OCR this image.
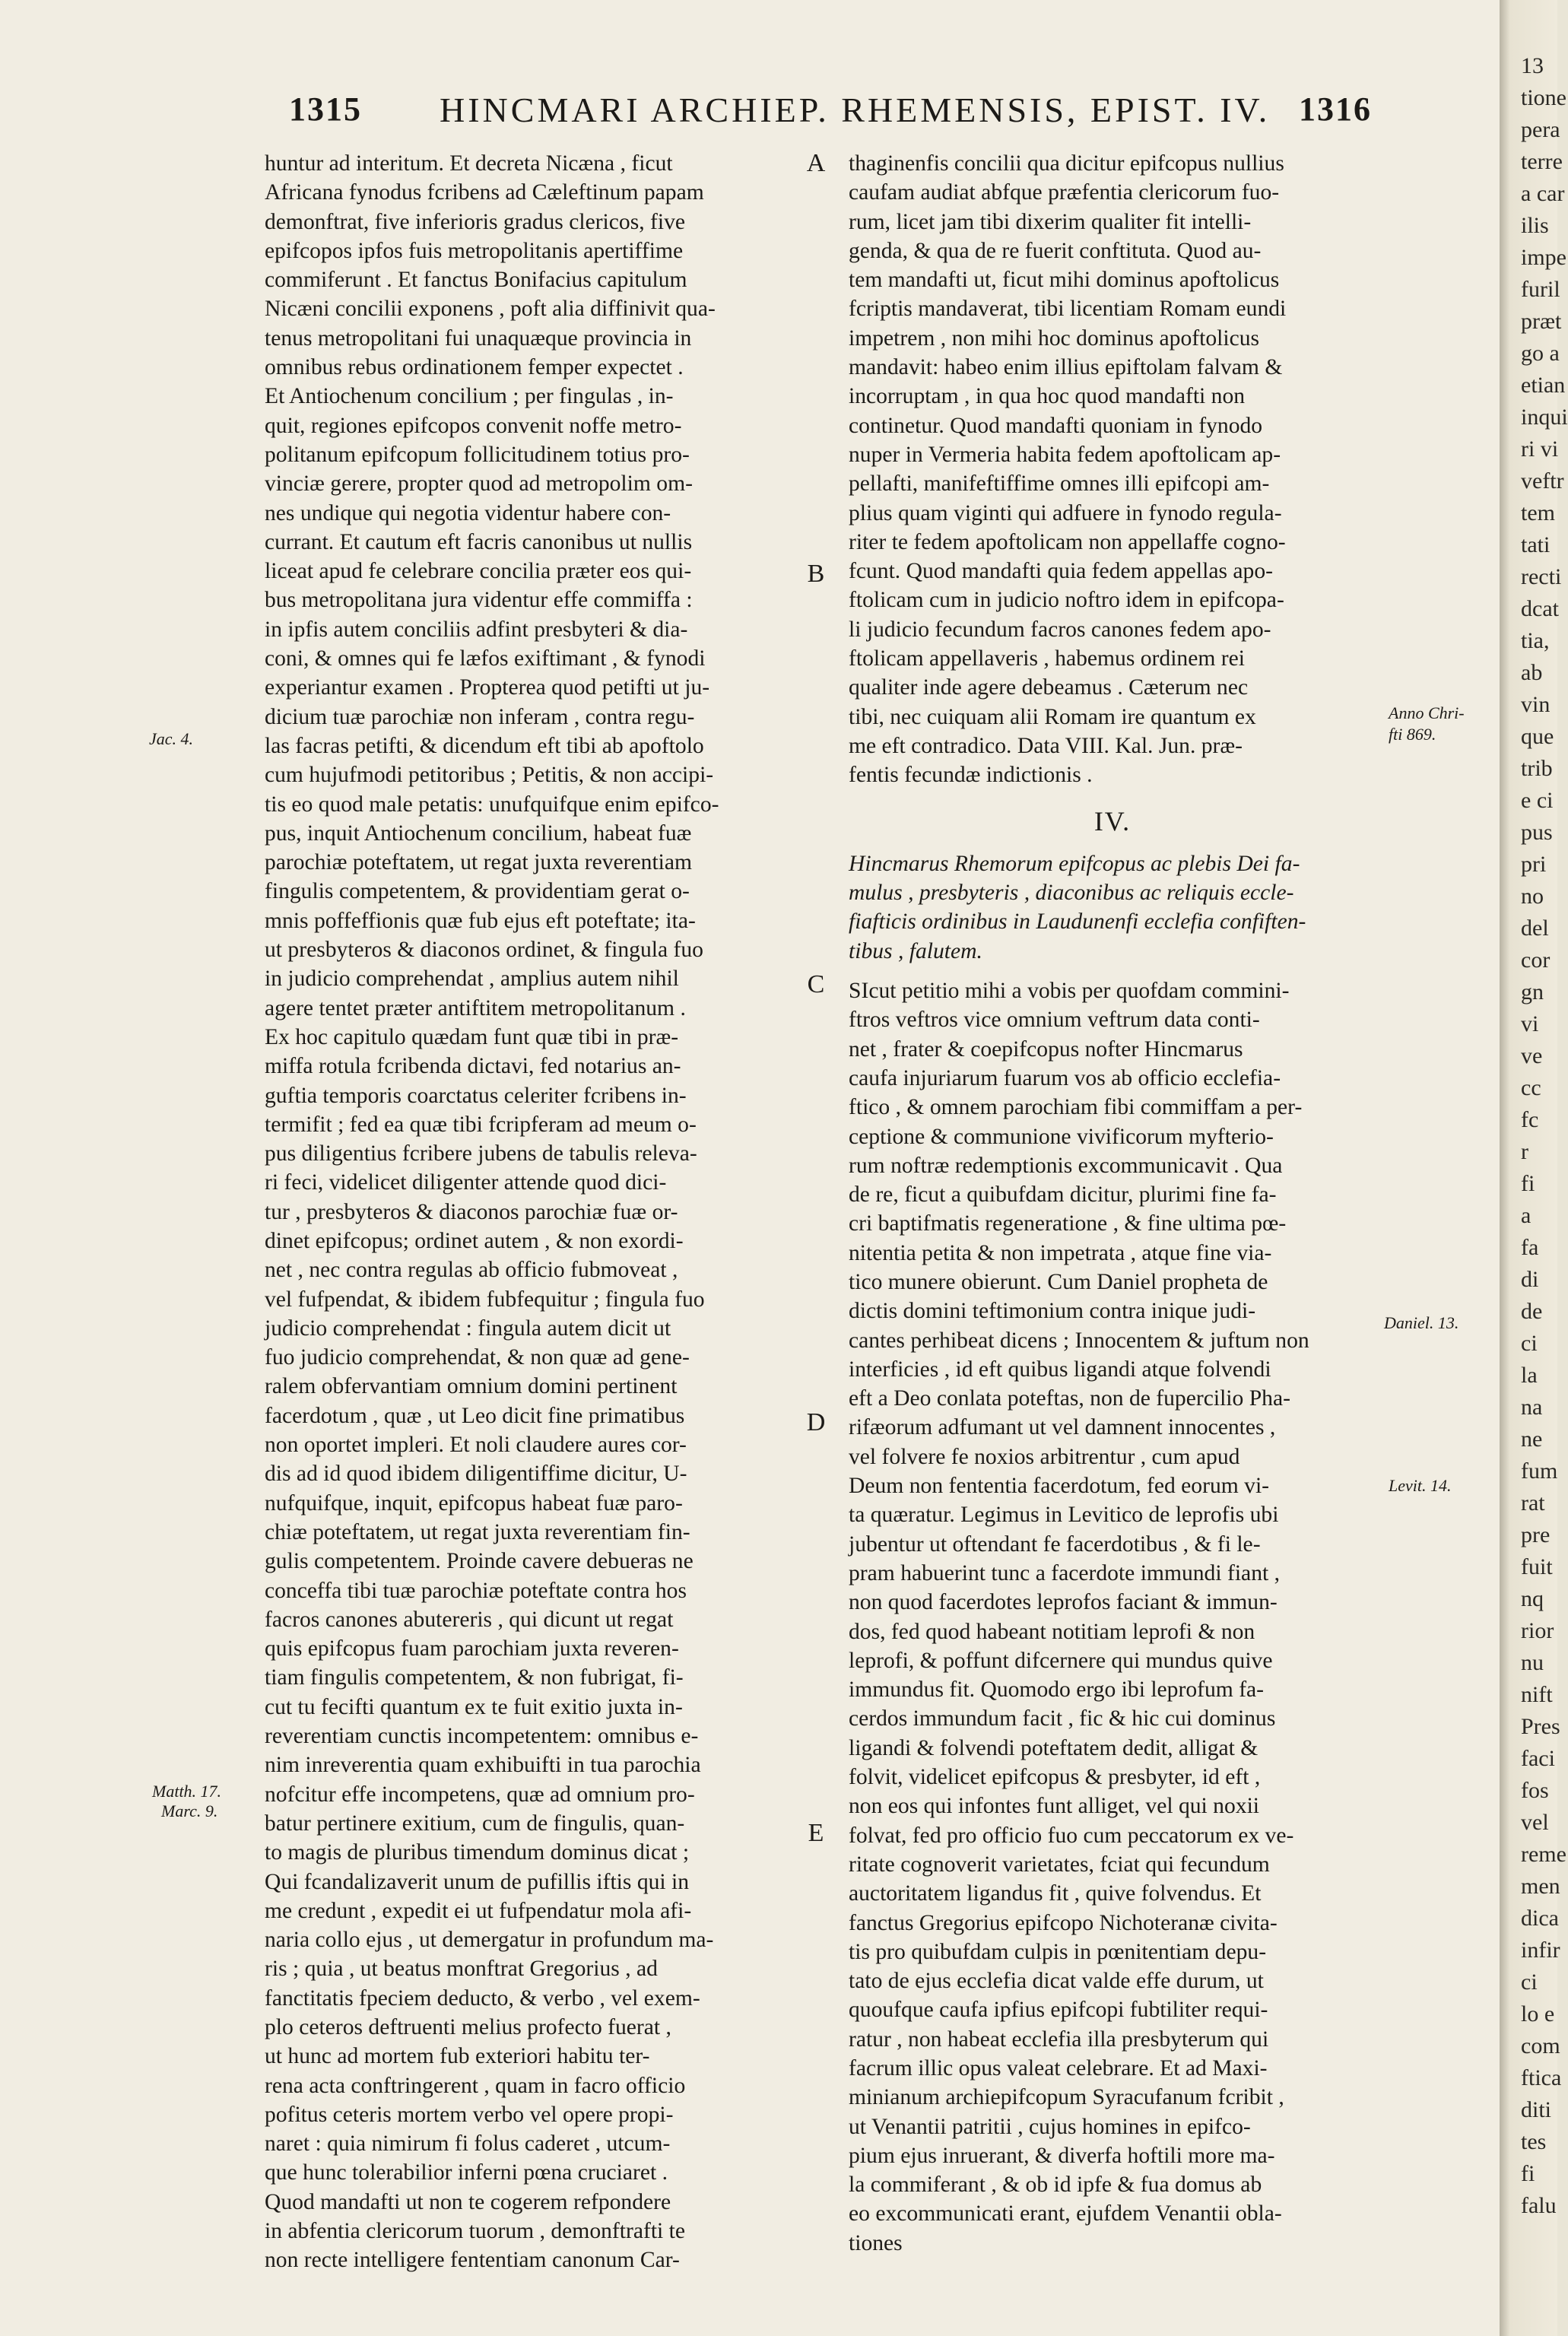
1315 HINCMARI ARCHIEP. RHEMENSIS, EPIST. IV. 1316
huntur ad interitum. Et decreta Nicæna , ficut
Africana fynodus fcribens ad Cæleftinum papam
demonftrat, five inferioris gradus clericos, five
epifcopos ipfos fuis metropolitanis apertiffime
commiferunt . Et fanctus Bonifacius capitulum
Nicæni concilii exponens , poft alia diffinivit qua-
tenus metropolitani fui unaquæque provincia in
omnibus rebus ordinationem femper expectet .
Et Antiochenum concilium ; per fingulas , in-
quit, regiones epifcopos convenit noffe metro-
politanum epifcopum follicitudinem totius pro-
vinciæ gerere, propter quod ad metropolim om-
nes undique qui negotia videntur habere con-
currant. Et cautum eft facris canonibus ut nullis
liceat apud fe celebrare concilia præter eos qui-
bus metropolitana jura videntur effe commiffa :
in ipfis autem conciliis adfint presbyteri & dia-
coni, & omnes qui fe læfos exiftimant , & fynodi
experiantur examen . Propterea quod petifti ut ju-
dicium tuæ parochiæ non inferam , contra regu-
las facras petifti, & dicendum eft tibi ab apoftolo
cum hujufmodi petitoribus ; Petitis, & non accipi-
tis eo quod male petatis: unufquifque enim epifco-
pus, inquit Antiochenum concilium, habeat fuæ
parochiæ poteftatem, ut regat juxta reverentiam
fingulis competentem, & providentiam gerat o-
mnis poffeffionis quæ fub ejus eft poteftate; ita-
ut presbyteros & diaconos ordinet, & fingula fuo
in judicio comprehendat , amplius autem nihil
agere tentet præter antiftitem metropolitanum .
Ex hoc capitulo quædam funt quæ tibi in præ-
miffa rotula fcribenda dictavi, fed notarius an-
guftia temporis coarctatus celeriter fcribens in-
termifit ; fed ea quæ tibi fcripferam ad meum o-
pus diligentius fcribere jubens de tabulis releva-
ri feci, videlicet diligenter attende quod dici-
tur , presbyteros & diaconos parochiæ fuæ or-
dinet epifcopus; ordinet autem , & non exordi-
net , nec contra regulas ab officio fubmoveat ,
vel fufpendat, & ibidem fubfequitur ; fingula fuo
judicio comprehendat : fingula autem dicit ut
fuo judicio comprehendat, & non quæ ad gene-
ralem obfervantiam omnium domini pertinent
facerdotum , quæ , ut Leo dicit fine primatibus
non oportet impleri. Et noli claudere aures cor-
dis ad id quod ibidem diligentiffime dicitur, U-
nufquifque, inquit, epifcopus habeat fuæ paro-
chiæ poteftatem, ut regat juxta reverentiam fin-
gulis competentem. Proinde cavere debueras ne
conceffa tibi tuæ parochiæ poteftate contra hos
facros canones abutereris , qui dicunt ut regat
quis epifcopus fuam parochiam juxta reveren-
tiam fingulis competentem, & non fubrigat, fi-
cut tu fecifti quantum ex te fuit exitio juxta in-
reverentiam cunctis incompetentem: omnibus e-
nim inreverentia quam exhibuifti in tua parochia
nofcitur effe incompetens, quæ ad omnium pro-
batur pertinere exitium, cum de fingulis, quan-
to magis de pluribus timendum dominus dicat ;
Qui fcandalizaverit unum de pufillis iftis qui in
me credunt , expedit ei ut fufpendatur mola afi-
naria collo ejus , ut demergatur in profundum ma-
ris ; quia , ut beatus monftrat Gregorius , ad
fanctitatis fpeciem deducto, & verbo , vel exem-
plo ceteros deftruenti melius profecto fuerat ,
ut hunc ad mortem fub exteriori habitu ter-
rena acta conftringerent , quam in facro officio
pofitus ceteris mortem verbo vel opere propi-
naret : quia nimirum fi folus caderet , utcum-
que hunc tolerabilior inferni pœna cruciaret .
Quod mandafti ut non te cogerem refpondere
in abfentia clericorum tuorum , demonftrafti te
non recte intelligere fententiam canonum Car-
thaginenfis concilii qua dicitur epifcopus nullius
caufam audiat abfque præfentia clericorum fuo-
rum, licet jam tibi dixerim qualiter fit intelli-
genda, & qua de re fuerit conftituta. Quod au-
tem mandafti ut, ficut mihi dominus apoftolicus
fcriptis mandaverat, tibi licentiam Romam eundi
impetrem , non mihi hoc dominus apoftolicus
mandavit: habeo enim illius epiftolam falvam &
incorruptam , in qua hoc quod mandafti non
continetur. Quod mandafti quoniam in fynodo
nuper in Vermeria habita fedem apoftolicam ap-
pellafti, manifeftiffime omnes illi epifcopi am-
plius quam viginti qui adfuere in fynodo regula-
riter te fedem apoftolicam non appellaffe cogno-
fcunt. Quod mandafti quia fedem appellas apo-
ftolicam cum in judicio noftro idem in epifcopa-
li judicio fecundum facros canones fedem apo-
ftolicam appellaveris , habemus ordinem rei
qualiter inde agere debeamus . Cæterum nec
tibi, nec cuiquam alii Romam ire quantum ex
me eft contradico. Data VIII. Kal. Jun. præ-
fentis fecundæ indictionis .
IV.
Hincmarus Rhemorum epifcopus ac plebis Dei fa-
mulus , presbyteris , diaconibus ac reliquis eccle-
fiafticis ordinibus in Laudunenfi ecclefia confiften-
tibus , falutem.
SIcut petitio mihi a vobis per quofdam commini-
ftros veftros vice omnium veftrum data conti-
net , frater & coepifcopus nofter Hincmarus
caufa injuriarum fuarum vos ab officio ecclefia-
ftico , & omnem parochiam fibi commiffam a per-
ceptione & communione vivificorum myfterio-
rum noftræ redemptionis excommunicavit . Qua
de re, ficut a quibufdam dicitur, plurimi fine fa-
cri baptifmatis regeneratione , & fine ultima pœ-
nitentia petita & non impetrata , atque fine via-
tico munere obierunt. Cum Daniel propheta de
dictis domini teftimonium contra inique judi-
cantes perhibeat dicens ; Innocentem & juftum non
interficies , id eft quibus ligandi atque folvendi
eft a Deo conlata poteftas, non de fupercilio Pha-
rifæorum adfumant ut vel damnent innocentes ,
vel folvere fe noxios arbitrentur , cum apud
Deum non fententia facerdotum, fed eorum vi-
ta quæratur. Legimus in Levitico de leprofis ubi
jubentur ut oftendant fe facerdotibus , & fi le-
pram habuerint tunc a facerdote immundi fiant ,
non quod facerdotes leprofos faciant & immun-
dos, fed quod habeant notitiam leprofi & non
leprofi, & poffunt difcernere qui mundus quive
immundus fit. Quomodo ergo ibi leprofum fa-
cerdos immundum facit , fic & hic cui dominus
ligandi & folvendi poteftatem dedit, alligat &
folvit, videlicet epifcopus & presbyter, id eft ,
non eos qui infontes funt alliget, vel qui noxii
folvat, fed pro officio fuo cum peccatorum ex ve-
ritate cognoverit varietates, fciat qui fecundum
auctoritatem ligandus fit , quive folvendus. Et
fanctus Gregorius epifcopo Nichoteranæ civita-
tis pro quibufdam culpis in pœnitentiam depu-
tato de ejus ecclefia dicat valde effe durum, ut
quoufque caufa ipfius epifcopi fubtiliter requi-
ratur , non habeat ecclefia illa presbyterum qui
facrum illic opus valeat celebrare. Et ad Maxi-
minianum archiepifcopum Syracufanum fcribit ,
ut Venantii patritii , cujus homines in epifco-
pium ejus inruerant, & diverfa hoftili more ma-
la commiferant , & ob id ipfe & fua domus ab
eo excommunicati erant, ejufdem Venantii obla-
tiones
A
B
C
D
E
Jac. 4.
Matth. 17.
Marc. 9.
Anno Chri-
fti 869.
Daniel. 13.
Levit. 14.
13
tione
pera
terre
a car
ilis
impe
furil
præt
go a
etian
inqui
ri vi
veftr
tem
tati
recti
dcat
tia,
ab
vin
que
trib
e ci
pus
pri
no
del
cor
gn
vi
ve
cc
fc
r
fi
a
fa
di
de
ci
la
na
ne
fum
rat
pre
fuit
nq
rior
nu
nift
Pres
faci
fos
vel
reme
men
dica
infir
ci
lo e
com
ftica
diti
tes
fi
falu
